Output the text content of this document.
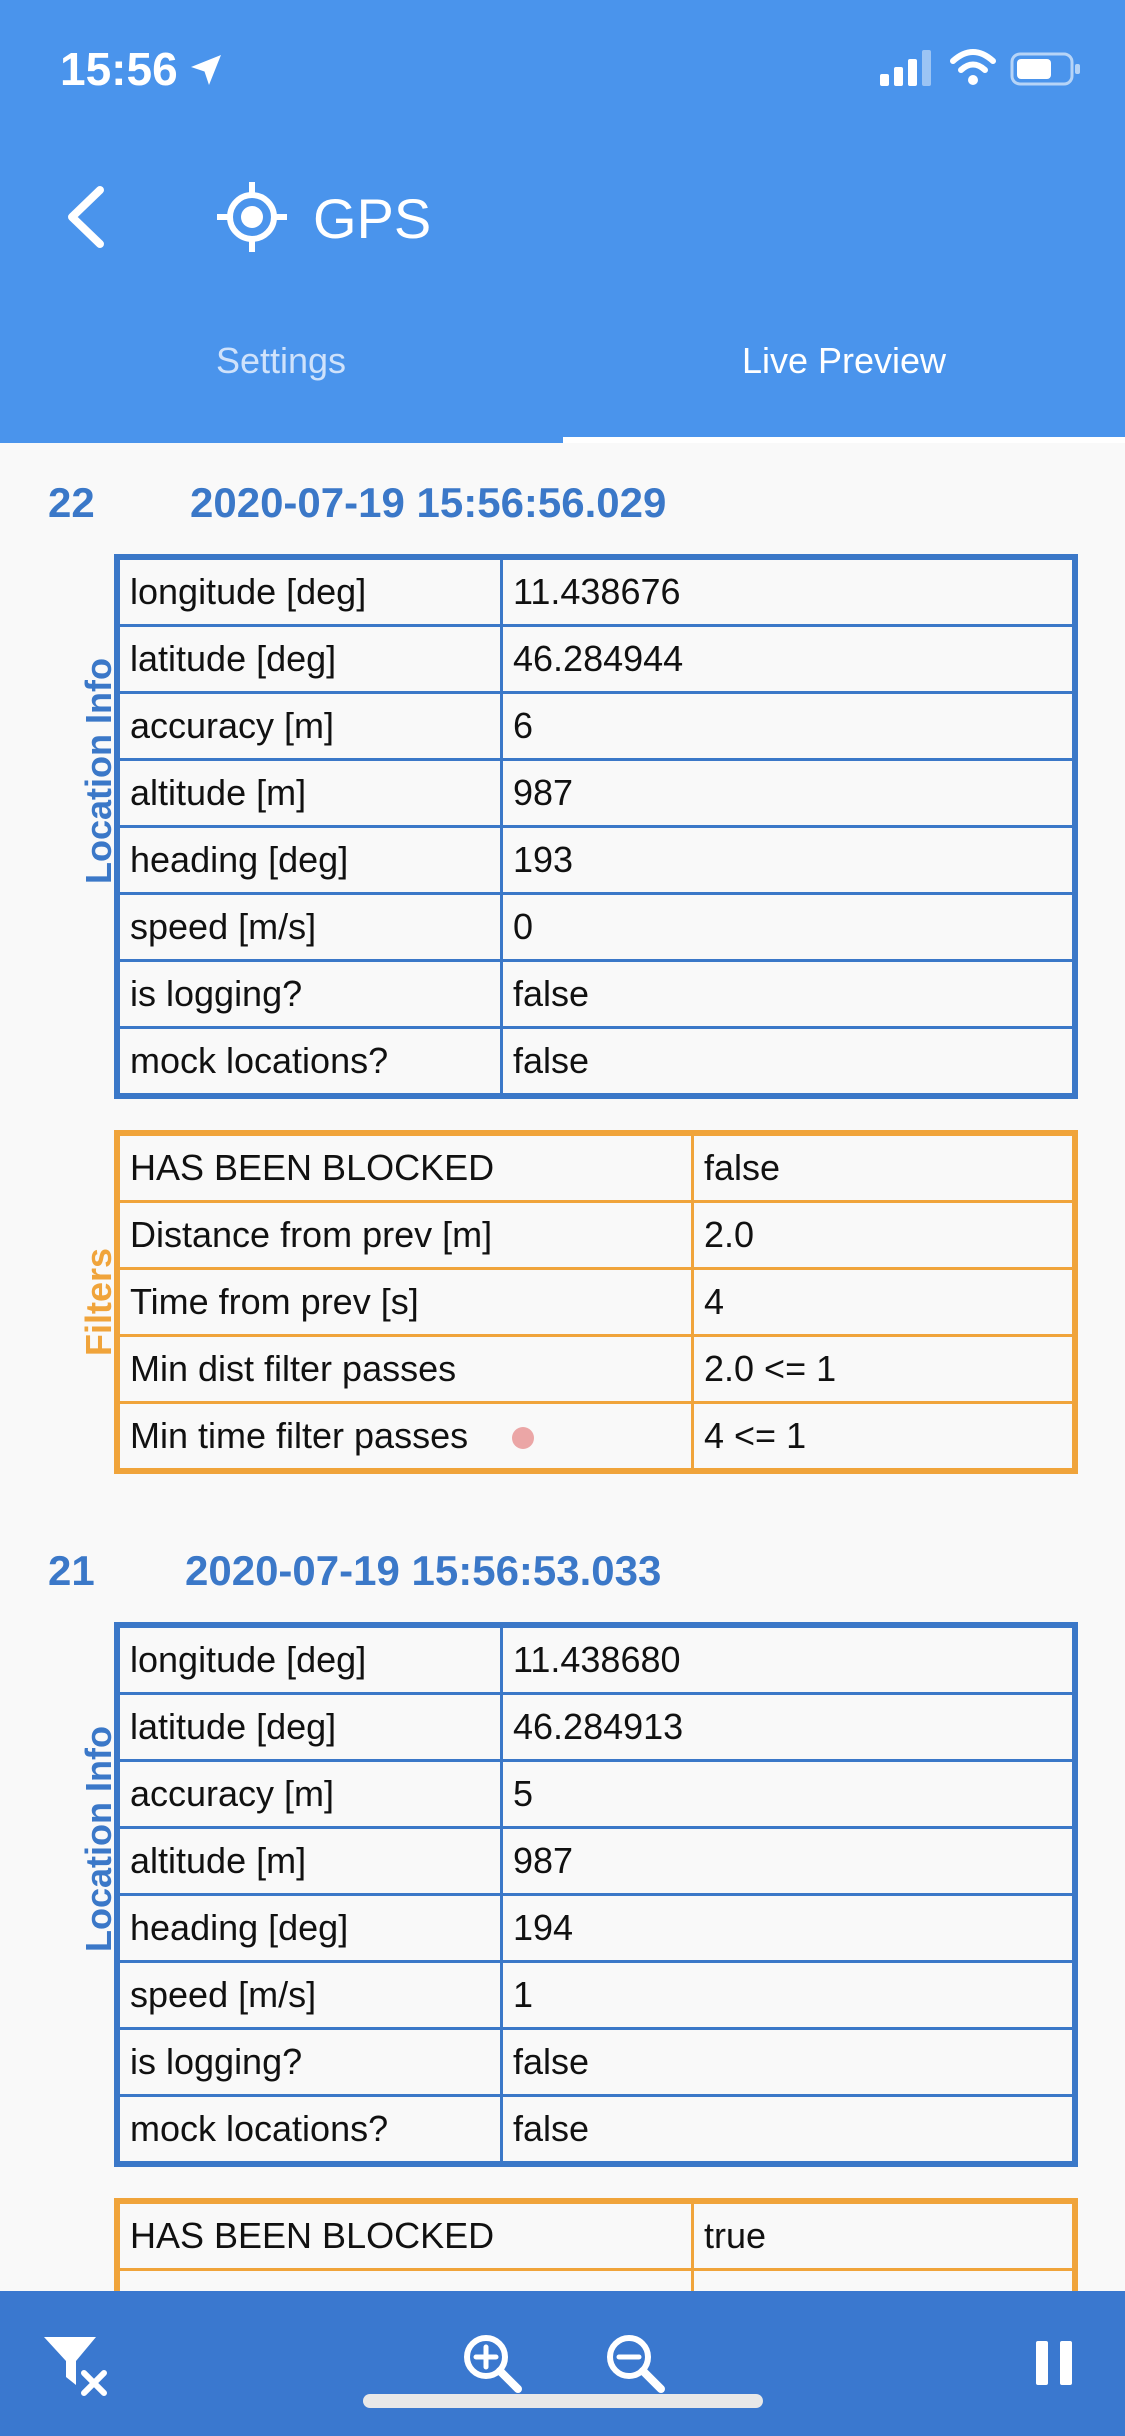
15:56
GPS
Settings	Live Preview
22 2020-07-19 15:56:56.029
Location Info
longitude [deg]	11.438676
latitude [deg]	46.284944
accuracy [m]	6
altitude [m]	987
heading [deg]	193
speed [m/s]	0
is logging?	false
mock locations?	false
Filters
HAS BEEN BLOCKED	false
Distance from prev [m]	2.0
Time from prev [s]	4
Min dist filter passes	2.0 <= 1
Min time filter passes	4 <= 1
21 2020-07-19 15:56:53.033
Location Info
longitude [deg]	11.438680
latitude [deg]	46.284913
accuracy [m]	5
altitude [m]	987
heading [deg]	194
speed [m/s]	1
is logging?	false
mock locations?	false
HAS BEEN BLOCKED	true
